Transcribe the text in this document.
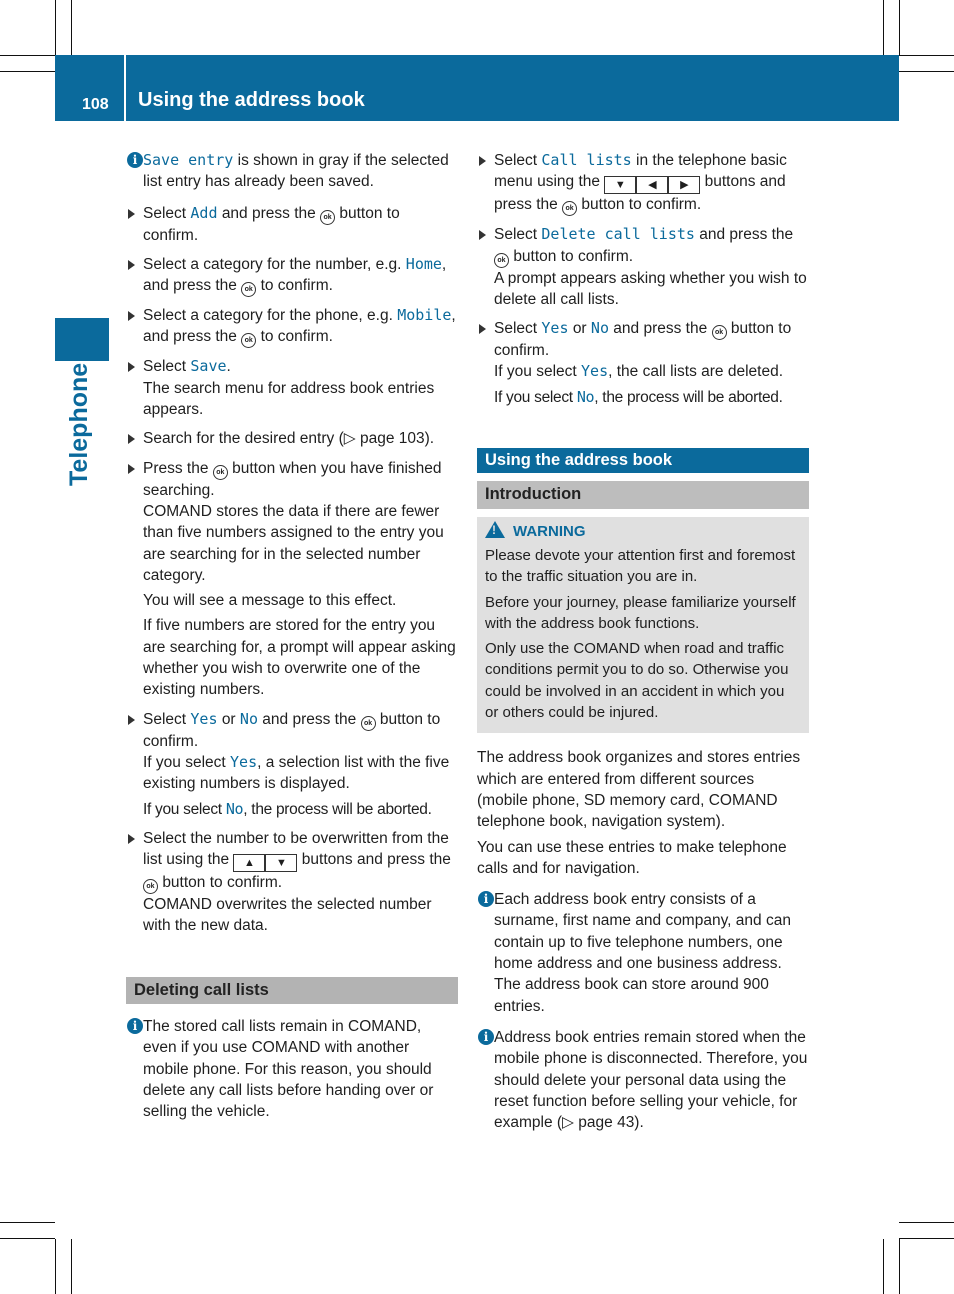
108 Using the address book
Telephone
i Save entry is shown in gray if the selected list entry has already been saved.
Select Add and press the ok button to confirm.
Select a category for the number, e.g. Home, and press the ok to confirm.
Select a category for the phone, e.g. Mobile, and press the ok to confirm.
Select Save.
The search menu for address book entries appears.
Search for the desired entry (▷ page 103).
Press the ok button when you have finished searching.
COMAND stores the data if there are fewer than five numbers assigned to the entry you are searching for in the selected number category.
You will see a message to this effect.
If five numbers are stored for the entry you are searching for, a prompt will appear asking whether you wish to overwrite one of the existing numbers.
Select Yes or No and press the ok button to confirm.
If you select Yes, a selection list with the five existing numbers is displayed.
If you select No, the process will be aborted.
Select the number to be overwritten from the list using the ▲ ▼ buttons and press the ok button to confirm.
COMAND overwrites the selected number with the new data.
Deleting call lists
i The stored call lists remain in COMAND, even if you use COMAND with another mobile phone. For this reason, you should delete any call lists before handing over or selling the vehicle.
Select Call lists in the telephone basic menu using the ▼ ◀ ▶ buttons and press the ok button to confirm.
Select Delete call lists and press the ok button to confirm.
A prompt appears asking whether you wish to delete all call lists.
Select Yes or No and press the ok button to confirm.
If you select Yes, the call lists are deleted.
If you select No, the process will be aborted.
Using the address book
Introduction
!WARNING
Please devote your attention first and foremost to the traffic situation you are in.
Before your journey, please familiarize yourself with the address book functions.
Only use the COMAND when road and traffic conditions permit you to do so. Otherwise you could be involved in an accident in which you or others could be injured.
The address book organizes and stores entries which are entered from different sources (mobile phone, SD memory card, COMAND telephone book, navigation system).
You can use these entries to make telephone calls and for navigation.
i Each address book entry consists of a surname, first name and company, and can contain up to five telephone numbers, one home address and one business address. The address book can store around 900 entries.
i Address book entries remain stored when the mobile phone is disconnected. Therefore, you should delete your personal data using the reset function before selling your vehicle, for example (▷ page 43).
